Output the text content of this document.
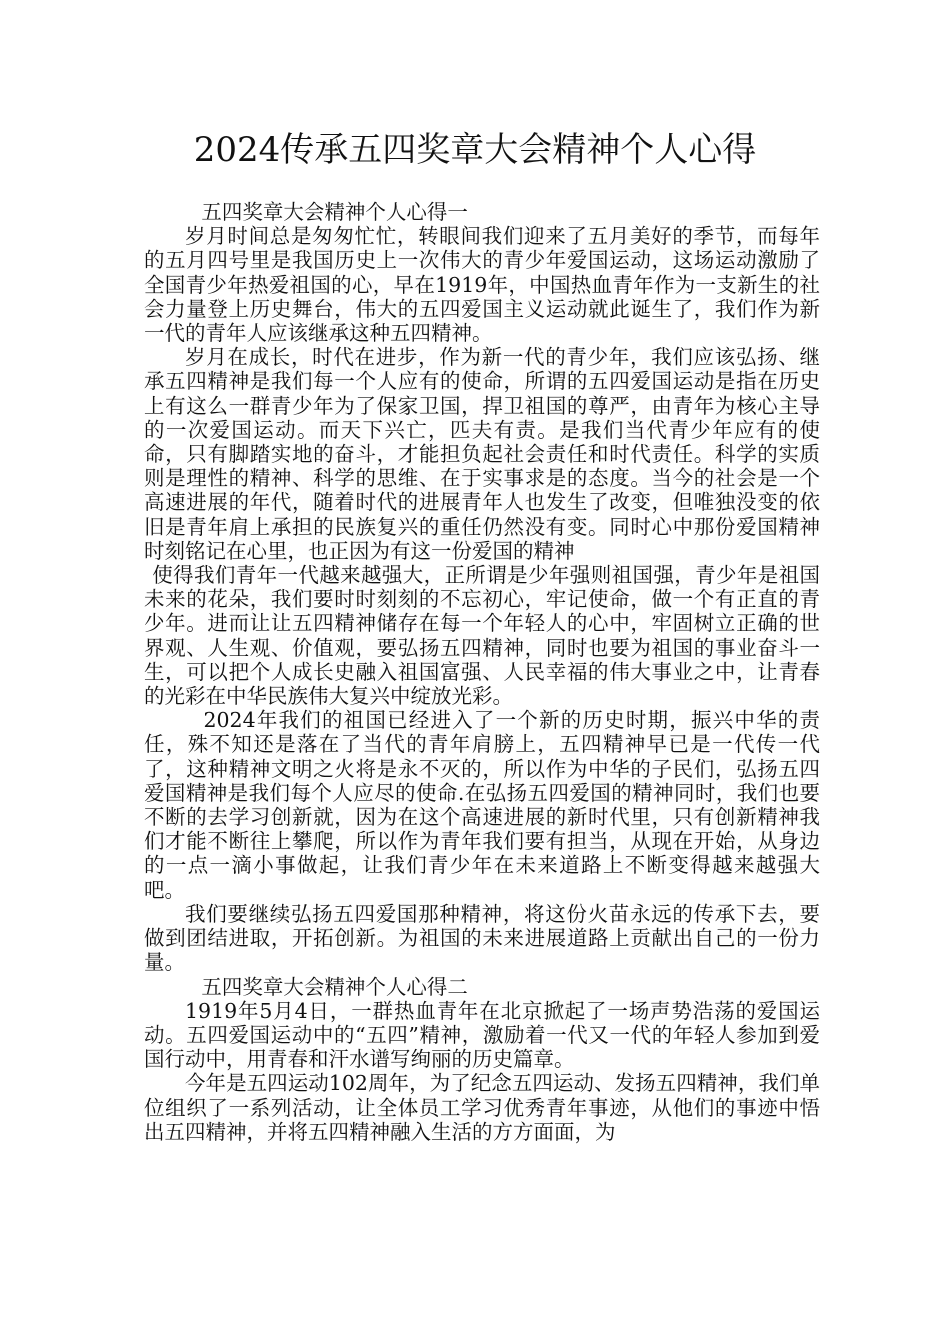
2024传承五四奖章大会精神个人心得

五四奖章大会精神个人心得一

岁月时间总是匆匆忙忙，转眼间我们迎来了五月美好的季节，而每年的五月四号里是我国历史上一次伟大的青少年爱国运动，这场运动激励了全国青少年热爱祖国的心，早在1919年，中国热血青年作为一支新生的社会力量登上历史舞台，伟大的五四爱国主义运动就此诞生了，我们作为新一代的青年人应该继承这种五四精神。

岁月在成长，时代在进步，作为新一代的青少年，我们应该弘扬、继承五四精神是我们每一个人应有的使命，所谓的五四爱国运动是指在历史上有这么一群青少年为了保家卫国，捍卫祖国的尊严，由青年为核心主导的一次爱国运动。而天下兴亡，匹夫有责。是我们当代青少年应有的使命，只有脚踏实地的奋斗，才能担负起社会责任和时代责任。科学的实质则是理性的精神、科学的思维、在于实事求是的态度。当今的社会是一个高速进展的年代，随着时代的进展青年人也发生了改变，但唯独没变的依旧是青年肩上承担的民族复兴的重任仍然没有变。同时心中那份爱国精神时刻铭记在心里，也正因为有这一份爱国的精神

使得我们青年一代越来越强大，正所谓是少年强则祖国强，青少年是祖国未来的花朵，我们要时时刻刻的不忘初心，牢记使命，做一个有正直的青少年。进而让让五四精神储存在每一个年轻人的心中，牢固树立正确的世界观、人生观、价值观，要弘扬五四精神，同时也要为祖国的事业奋斗一生，可以把个人成长史融入祖国富强、人民幸福的伟大事业之中，让青春的光彩在中华民族伟大复兴中绽放光彩。

2024年我们的祖国已经进入了一个新的历史时期，振兴中华的责任，殊不知还是落在了当代的青年肩膀上，五四精神早已是一代传一代了，这种精神文明之火将是永不灭的，所以作为中华的子民们，弘扬五四爱国精神是我们每个人应尽的使命.在弘扬五四爱国的精神同时，我们也要不断的去学习创新就，因为在这个高速进展的新时代里，只有创新精神我们才能不断往上攀爬，所以作为青年我们要有担当，从现在开始，从身边的一点一滴小事做起，让我们青少年在未来道路上不断变得越来越强大吧。

我们要继续弘扬五四爱国那种精神，将这份火苗永远的传承下去，要做到团结进取，开拓创新。为祖国的未来进展道路上贡献出自己的一份力量。

五四奖章大会精神个人心得二

1919年5月4日，一群热血青年在北京掀起了一场声势浩荡的爱国运动。五四爱国运动中的“五四”精神，激励着一代又一代的年轻人参加到爱国行动中，用青春和汗水谱写绚丽的历史篇章。

今年是五四运动102周年，为了纪念五四运动、发扬五四精神，我们单位组织了一系列活动，让全体员工学习优秀青年事迹，从他们的事迹中悟出五四精神，并将五四精神融入生活的方方面面，为
